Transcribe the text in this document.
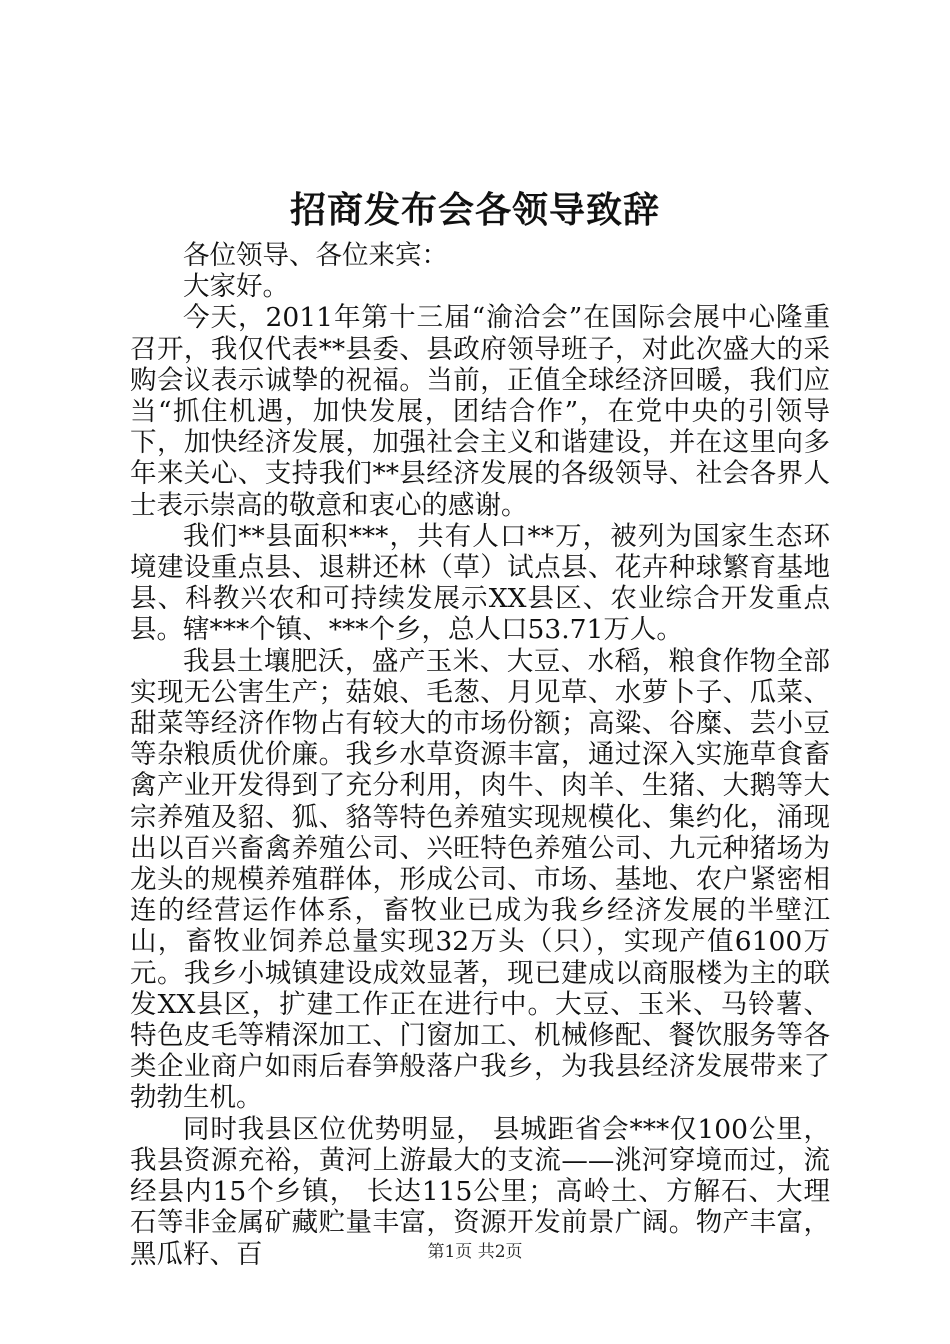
招商发布会各领导致辞

各位领导、各位来宾：

大家好。

今天，2011年第十三届“渝洽会”在国际会展中心隆重召开，我仅代表**县委、县政府领导班子，对此次盛大的采购会议表示诚挚的祝福。当前，正值全球经济回暖，我们应当“抓住机遇，加快发展，团结合作”，在党中央的引领导下，加快经济发展，加强社会主义和谐建设，并在这里向多年来关心、支持我们**县经济发展的各级领导、社会各界人士表示崇高的敬意和衷心的感谢。

我们**县面积***，共有人口**万，被列为国家生态环境建设重点县、退耕还林（草）试点县、花卉种球繁育基地县、科教兴农和可持续发展示XX县区、农业综合开发重点县。辖***个镇、***个乡，总人口53.71万人。

我县土壤肥沃，盛产玉米、大豆、水稻，粮食作物全部实现无公害生产；菇娘、毛葱、月见草、水萝卜子、瓜菜、甜菜等经济作物占有较大的市场份额；高粱、谷糜、芸小豆等杂粮质优价廉。我乡水草资源丰富，通过深入实施草食畜禽产业开发得到了充分利用，肉牛、肉羊、生猪、大鹅等大宗养殖及貂、狐、貉等特色养殖实现规模化、集约化，涌现出以百兴畜禽养殖公司、兴旺特色养殖公司、九元种猪场为龙头的规模养殖群体，形成公司、市场、基地、农户紧密相连的经营运作体系，畜牧业已成为我乡经济发展的半壁江山，畜牧业饲养总量实现32万头（只），实现产值6100万元。我乡小城镇建设成效显著，现已建成以商服楼为主的联发XX县区，扩建工作正在进行中。大豆、玉米、马铃薯、特色皮毛等精深加工、门窗加工、机械修配、餐饮服务等各类企业商户如雨后春笋般落户我乡，为我县经济发展带来了勃勃生机。

同时我县区位优势明显， 县城距省会***仅100公里，我县资源充裕，黄河上游最大的支流——洮河穿境而过，流经县内15个乡镇， 长达115公里；高岭土、方解石、大理石等非金属矿藏贮量丰富，资源开发前景广阔。物产丰富，黑瓜籽、百	第1页 共2页
